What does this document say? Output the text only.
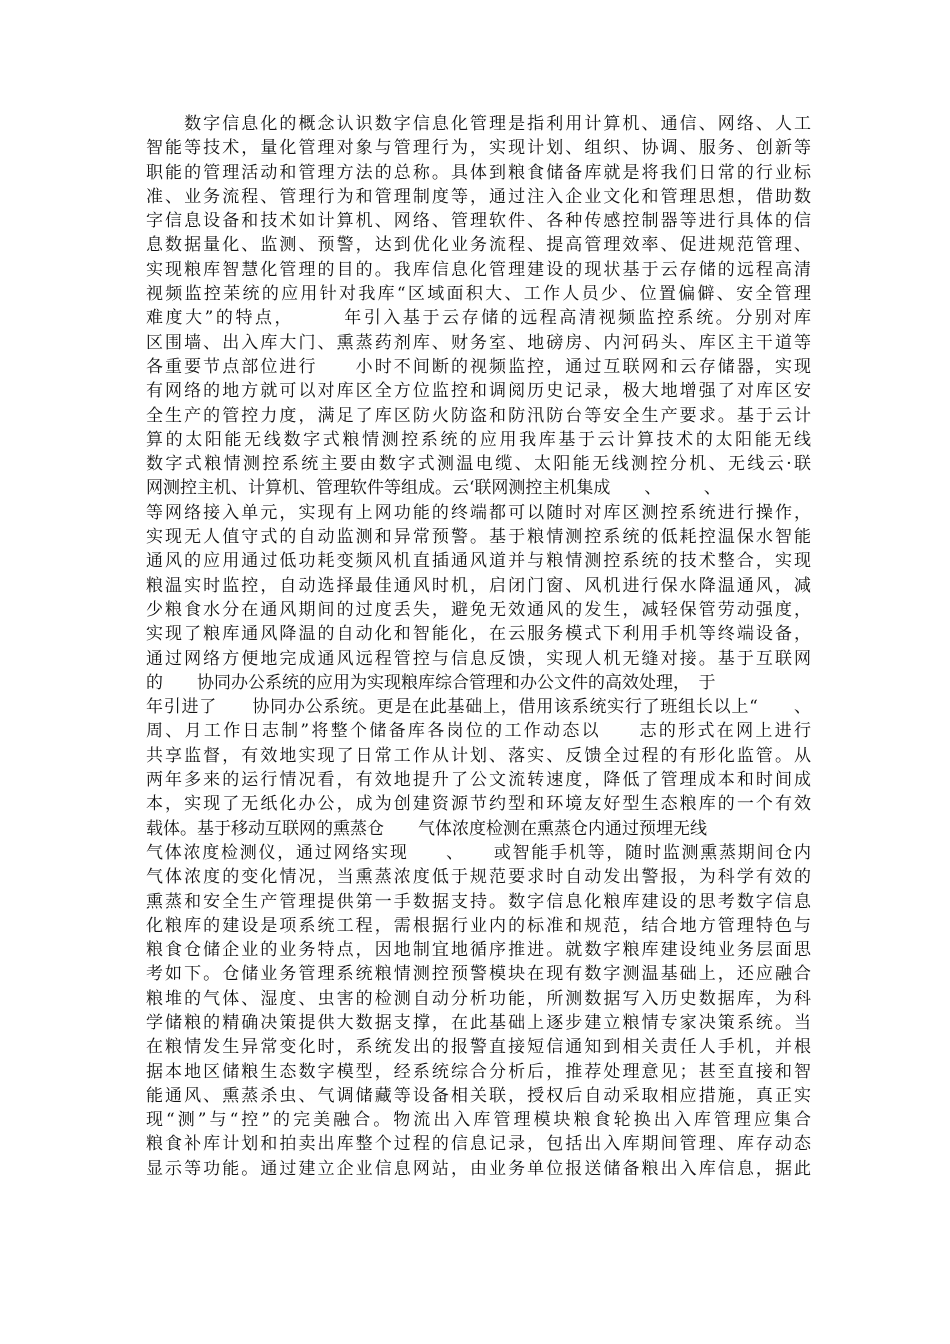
　　数字信息化的概念认识数字信息化管理是指利用计算机、通信、网络、人工
智能等技术，量化管理对象与管理行为，实现计划、组织、协调、服务、创新等
职能的管理活动和管理方法的总称。具体到粮食储备库就是将我们日常的行业标
准、业务流程、管理行为和管理制度等，通过注入企业文化和管理思想，借助数
字信息设备和技术如计算机、网络、管理软件、各种传感控制器等进行具体的信
息数据量化、监测、预警，达到优化业务流程、提高管理效率、促进规范管理、
实现粮库智慧化管理的目的。我库信息化管理建设的现状基于云存储的远程高清
视频监控苿统的应用针对我库“区域面积大、工作人员少、位置偏僻、安全管理
难度大”的特点，　　　年引入基于云存储的远程高清视频监控系统。分别对库
区围墙、出入库大门、熏蒸药剂库、财务室、地磅房、内河码头、库区主干道等
各重要节点部位进行　　小时不间断的视频监控，通过互联网和云存储器，实现
有网络的地方就可以对库区全方位监控和调阅历史记录，极大地增强了对库区安
全生产的管控力度，满足了库区防火防盗和防汛防台等安全生产要求。基于云计
算的太阳能无线数字式粮情测控系统的应用我库基于云计算技术的太阳能无线
数字式粮情测控系统主要由数字式测温电缆、太阳能无线测控分机、无线云·联
网测控主机、计算机、管理软件等组成。云‘联网测控主机集成　　、　　　、
等网络接入单元，实现有上网功能的终端都可以随时对库区测控系统进行操作，
实现无人值守式的自动监测和异常预警。基于粮情测控系统的低耗控温保水智能
通风的应用通过低功耗变频风机直插通风道并与粮情测控系统的技术整合，实现
粮温实时监控，自动选择最佳通风时机，启闭门窗、风机进行保水降温通风，减
少粮食水分在通风期间的过度丢失，避免无效通风的发生，减轻保管劳动强度，
实现了粮库通风降温的自动化和智能化，在云服务模式下利用手机等终端设备，
通过网络方便地完成通风远程管控与信息反馈，实现人机无缝对接。基于互联网
的　　协同办公系统的应用为实现粮库综合管理和办公文件的高效处理，　于
年引进了　　协同办公系统。更是在此基础上，借用该系统实行了班组长以上“　　、
周、月工作日志制”将整个储备库各岗位的工作动态以　　志的形式在网上进行
共享监督，有效地实现了日常工作从计划、落实、反馈全过程的有形化监管。从
两年多来的运行情况看，有效地提升了公文流转速度，降低了管理成本和时间成
本，实现了无纸化办公，成为创建资源节约型和环境友好型生态粮库的一个有效
载体。基于移动互联网的熏蒸仓　　气体浓度检测在熏蒸仓内通过预埋无线
气体浓度检测仪，通过网络实现　　、　　或智能手机等，随时监测熏蒸期间仓内
气体浓度的变化情况，当熏蒸浓度低于规范要求时自动发出警报，为科学有效的
熏蒸和安全生产管理提供第一手数据支持。数字信息化粮库建设的思考数字信息
化粮库的建设是项系统工程，需根据行业内的标准和规范，结合地方管理特色与
粮食仓储企业的业务特点，因地制宜地循序推进。就数字粮库建设纯业务层面思
考如下。仓储业务管理系统粮情测控预警模块在现有数字测温基础上，还应融合
粮堆的气体、湿度、虫害的检测自动分析功能，所测数据写入历史数据库，为科
学储粮的精确决策提供大数据支撑，在此基础上逐步建立粮情专家决策系统。当
在粮情发生异常变化时，系统发出的报警直接短信通知到相关责任人手机，并根
据本地区储粮生态数字模型，经系统综合分析后，推荐处理意见；甚至直接和智
能通风、熏蒸杀虫、气调储藏等设备相关联，授权后自动采取相应措施，真正实
现“测”与“控”的完美融合。物流出入库管理模块粮食轮换出入库管理应集合
粮食补库计划和拍卖出库整个过程的信息记录，包括出入库期间管理、库存动态
显示等功能。通过建立企业信息网站，由业务单位报送储备粮出入库信息，据此
